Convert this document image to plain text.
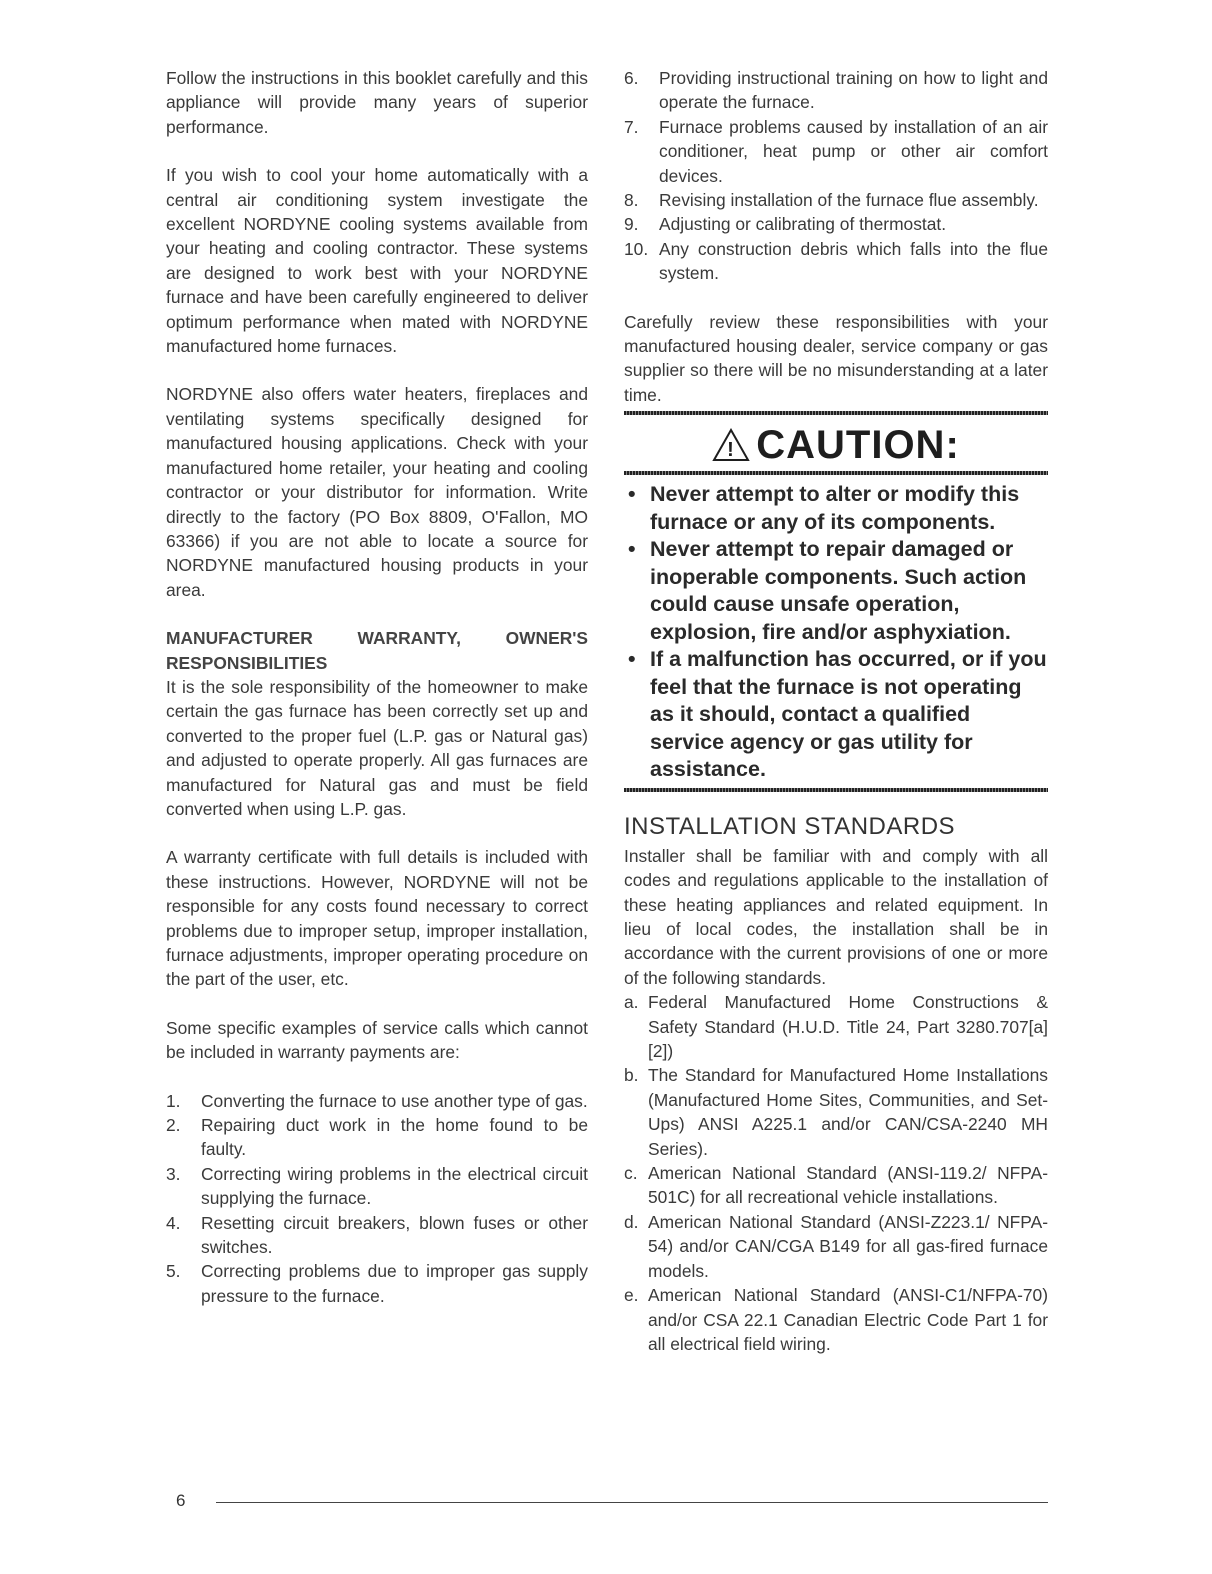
Follow the instructions in this booklet carefully and this appliance will provide many years of superior performance.

If you wish to cool your home automatically with a central air conditioning system investigate the excellent NORDYNE cooling systems available from your heating and cooling contractor. These systems are designed to work best with your NORDYNE furnace and have been carefully engineered to deliver optimum performance when mated with NORDYNE manufactured home furnaces.

NORDYNE also offers water heaters, fireplaces and ventilating systems specifically designed for manufactured housing applications. Check with your manufactured home retailer, your heating and cooling contractor or your distributor for information. Write directly to the factory (PO Box 8809, O'Fallon, MO 63366) if you are not able to locate a source for NORDYNE manufactured housing products in your area.

MANUFACTURER WARRANTY, OWNER'S RESPONSIBILITIES

It is the sole responsibility of the homeowner to make certain the gas furnace has been correctly set up and converted to the proper fuel (L.P. gas or Natural gas) and adjusted to operate properly. All gas furnaces are manufactured for Natural gas and must be field converted when using L.P. gas.

A warranty certificate with full details is included with these instructions. However, NORDYNE will not be responsible for any costs found necessary to correct problems due to improper setup, improper installation, furnace adjustments, improper operating procedure on the part of the user, etc.

Some specific examples of service calls which cannot be included in warranty payments are:

1. Converting the furnace to use another type of gas.
2. Repairing duct work in the home found to be faulty.
3. Correcting wiring problems in the electrical circuit supplying the furnace.
4. Resetting circuit breakers, blown fuses or other switches.
5. Correcting problems due to improper gas supply pressure to the furnace.
6. Providing instructional training on how to light and operate the furnace.
7. Furnace problems caused by installation of an air conditioner, heat pump or other air comfort devices.
8. Revising installation of the furnace flue assembly.
9. Adjusting or calibrating of thermostat.
10. Any construction debris which falls into the flue system.

Carefully review these responsibilities with your manufactured housing dealer, service company or gas supplier so there will be no misunderstanding at a later time.

! CAUTION:
• Never attempt to alter or modify this furnace or any of its components.
• Never attempt to repair damaged or inoperable components. Such action could cause unsafe operation, explosion, fire and/or asphyxiation.
• If a malfunction has occurred, or if you feel that the furnace is not operating as it should, contact a qualified service agency or gas utility for assistance.
INSTALLATION STANDARDS

Installer shall be familiar with and comply with all codes and regulations applicable to the installation of these heating appliances and related equipment. In lieu of local codes, the installation shall be in accordance with the current provisions of one or more of the following standards.

a. Federal Manufactured Home Constructions & Safety Standard (H.U.D. Title 24, Part 3280.707[a][2])
b. The Standard for Manufactured Home Installations (Manufactured Home Sites, Communities, and Set-Ups) ANSI A225.1 and/or CAN/CSA-2240 MH Series).
c. American National Standard (ANSI-119.2/ NFPA-501C) for all recreational vehicle installations.
d. American National Standard (ANSI-Z223.1/ NFPA-54) and/or CAN/CGA B149 for all gas-fired furnace models.
e. American National Standard (ANSI-C1/NFPA-70) and/or CSA 22.1 Canadian Electric Code Part 1 for all electrical field wiring.
6
